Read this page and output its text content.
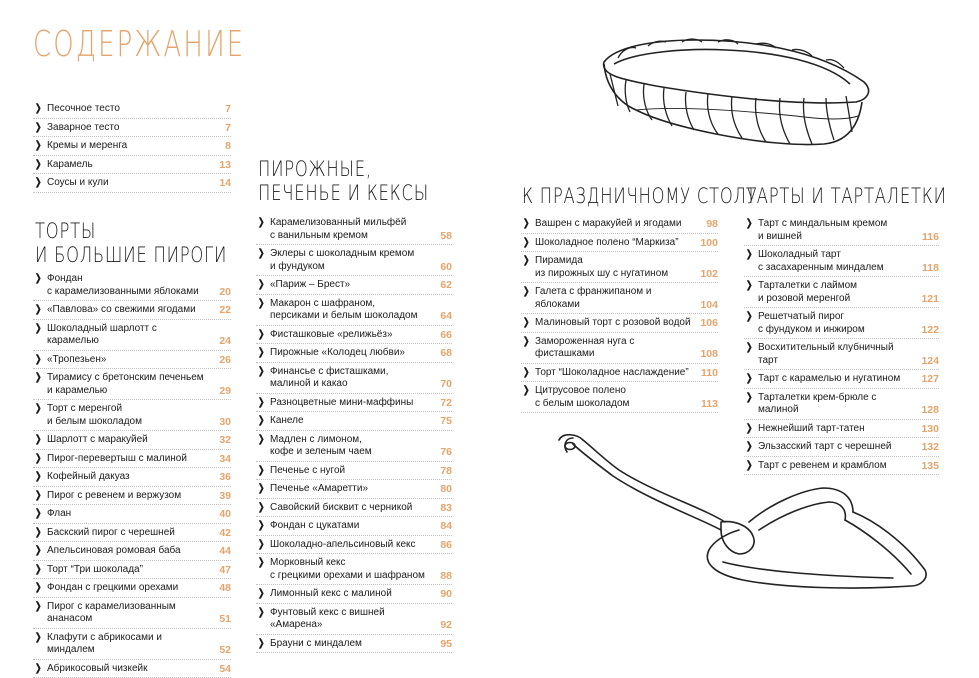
СОДЕРЖАНИЕ
❯ Песочное тесто	7
❯ Заварное тесто	7
❯ Кремы и меренга	8
❯ Карамель	13
❯ Соусы и кули	14
ТОРТЫ
И БОЛЬШИЕ ПИРОГИ
❯ Фондан
с карамелизованными яблоками	20
❯ «Павлова» со свежими ягодами	22
❯ Шоколадный шарлотт с карамелью	24
❯ «Тропезьен»	26
❯ Тирамису с бретонским печеньем
и карамелью	29
❯ Торт с меренгой
и белым шоколадом	30
❯ Шарлотт с маракуйей	32
❯ Пирог-перевертыш с малиной	34
❯ Кофейный дакуаз	36
❯ Пирог с ревенем и вержузом	39
❯ Флан	40
❯ Баскский пирог с черешней	42
❯ Апельсиновая ромовая баба	44
❯ Торт “Три шоколада”	47
❯ Фондан с грецкими орехами	48
❯ Пирог с карамелизованным ананасом	51
❯ Клафути с абрикосами и миндалем	52
❯ Абрикосовый чизкейк	54
ПИРОЖНЫЕ,
ПЕЧЕНЬЕ И КЕКСЫ
❯ Карамелизованный мильфёй
с ванильным кремом	58
❯ Эклеры с шоколадным кремом
и фундуком	60
❯ «Париж – Брест»	62
❯ Макарон с шафраном,
персиками и белым шоколадом	64
❯ Фисташковые «релижьёз»	66
❯ Пирожные «Колодец любви»	68
❯ Финансье с фисташками,
малиной и какао	70
❯ Разноцветные мини-маффины	72
❯ Канеле	75
❯ Мадлен с лимоном,
кофе и зеленым чаем	76
❯ Печенье с нугой	78
❯ Печенье «Амаретти»	80
❯ Савойский бисквит с черникой	83
❯ Фондан с цукатами	84
❯ Шоколадно-апельсиновый кекс	86
❯ Морковный кекс
с грецкими орехами и шафраном	88
❯ Лимонный кекс с малиной	90
❯ Фунтовый кекс с вишней «Амарена»	92
❯ Брауни с миндалем	95
К ПРАЗДНИЧНОМУ СТОЛУ
❯ Вашрен с маракуйей и ягодами	98
❯ Шоколадное полено “Маркиза”	100
❯ Пирамида
из пирожных шу с нугатином	102
❯ Галета с франжипаном и яблоками	104
❯ Малиновый торт с розовой водой 106
❯ Замороженная нуга с фисташками	108
❯ Торт “Шоколадное наслаждение”	110
❯ Цитрусовое полено
с белым шоколадом	113
ТАРТЫ И ТАРТАЛЕТКИ
❯ Тарт с миндальным кремом
и вишней	116
❯ Шоколадный тарт
с засахаренным миндалем	118
❯ Тарталетки с лаймом
и розовой меренгой	121
❯ Решетчатый пирог
с фундуком и инжиром	122
❯ Восхитительный клубничный тарт	124
❯ Тарт с карамелью и нугатином	127
❯ Тарталетки крем-брюле с малиной	128
❯ Нежнейший тарт-татен	130
❯ Эльзасский тарт с черешней	132
❯ Тарт с ревенем и крамблом	135
